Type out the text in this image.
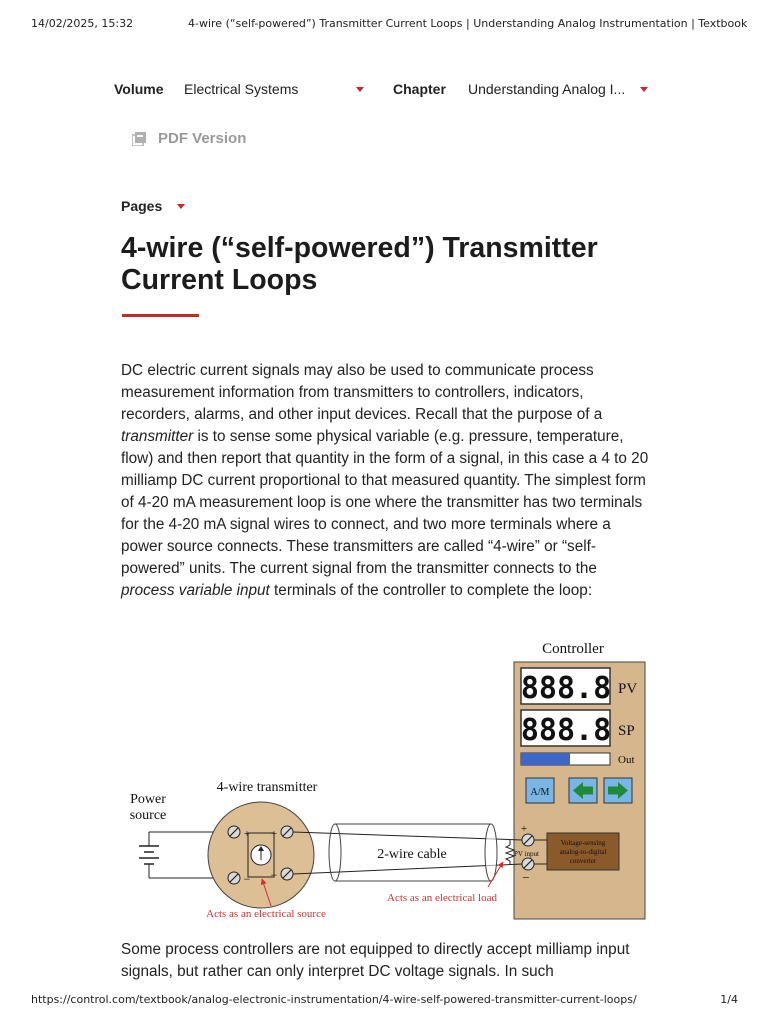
14/02/2025, 15:32	4-wire (“self-powered”) Transmitter Current Loops | Understanding Analog Instrumentation | Textbook
Volume Electrical Systems	Chapter Understanding Analog I...
PDF Version
Pages
4-wire (“self-powered”) Transmitter Current Loops

DC electric current signals may also be used to communicate process measurement information from transmitters to controllers, indicators, recorders, alarms, and other input devices. Recall that the purpose of a transmitter is to sense some physical variable (e.g. pressure, temperature, flow) and then report that quantity in the form of a signal, in this case a 4 to 20 milliamp DC current proportional to that measured quantity. The simplest form of 4-20 mA measurement loop is one where the transmitter has two terminals for the 4-20 mA signal wires to connect, and two more terminals where a power source connects. These transmitters are called “4-wire” or “self-powered” units. The current signal from the transmitter connects to the process variable input terminals of the controller to complete the loop:

Controller
888.8 PV
888.8 SP
Out
A/M
+
−
PV input
Voltage-sensing
analog-to-digital
converter
Power
source
4-wire transmitter
+
−
+
−
2-wire cable
Acts as an electrical source
Acts as an electrical load

Some process controllers are not equipped to directly accept milliamp input signals, but rather can only interpret DC voltage signals. In such

https://control.com/textbook/analog-electronic-instrumentation/4-wire-self-powered-transmitter-current-loops/	1/4
